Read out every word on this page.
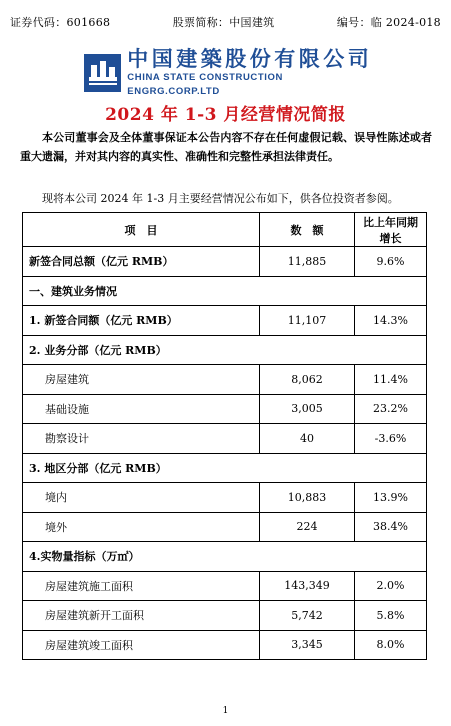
证券代码：601668	股票简称：中国建筑	编号：临 2024-018
中国建築股份有限公司
CHINA STATE CONSTRUCTION ENGRG.CORP.LTD
2024 年 1-3 月经营情况简报
本公司董事会及全体董事保证本公告内容不存在任何虚假记载、误导性陈述或者重大遗漏，并对其内容的真实性、准确性和完整性承担法律责任。
现将本公司 2024 年 1-3 月主要经营情况公布如下，供各位投资者参阅。
项　目	数　额	比上年同期增长
新签合同总额（亿元 RMB）	11,885	9.6%
一、建筑业务情况		
1. 新签合同额（亿元 RMB）	11,107	14.3%
2. 业务分部（亿元 RMB）		
房屋建筑	8,062	11.4%
基础设施	3,005	23.2%
勘察设计	40	-3.6%
3. 地区分部（亿元 RMB）		
境内	10,883	13.9%
境外	224	38.4%
4.实物量指标（万㎡）		
房屋建筑施工面积	143,349	2.0%
房屋建筑新开工面积	5,742	5.8%
房屋建筑竣工面积	3,345	8.0%
1
